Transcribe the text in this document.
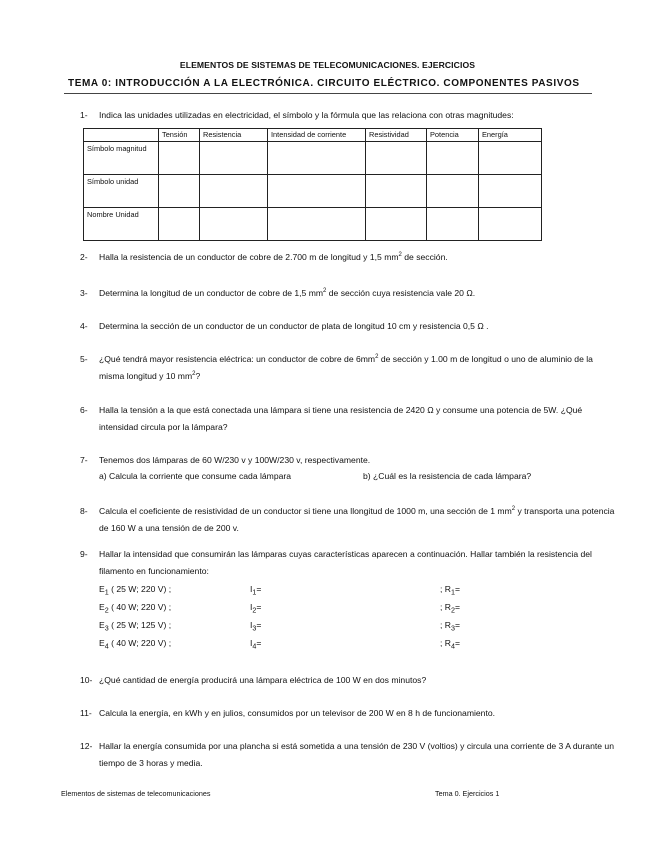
ELEMENTOS DE SISTEMAS DE TELECOMUNICACIONES. EJERCICIOS
TEMA 0: INTRODUCCIÓN A LA ELECTRÓNICA. CIRCUITO ELÉCTRICO. COMPONENTES PASIVOS
1- Indica las unidades utilizadas en electricidad, el símbolo y la fórmula que las relaciona con otras magnitudes:
	Tensión	Resistencia	Intensidad de corriente	Resistividad	Potencia	Energía
Símbolo magnitud						
Símbolo unidad						
Nombre Unidad						
2- Halla la resistencia de un conductor de cobre de 2.700 m de longitud y 1,5 $mm^2$ de sección.
3- Determina la longitud de un conductor de cobre de 1,5 $mm^2$ de sección cuya resistencia vale 20 Ω.
4- Determina la sección de un conductor de un conductor de plata de longitud 10 cm y resistencia 0,5 Ω .
5- ¿Qué tendrá mayor resistencia eléctrica: un conductor de cobre de $6mm^2$ de sección y 1.00 m de longitud o uno de aluminio de la misma longitud y 10 $mm^2$?
6- Halla la tensión a la que está conectada una lámpara si tiene una resistencia de 2420 Ω y consume una potencia de 5W. ¿Qué intensidad circula por la lámpara?
7- Tenemos dos lámparas de 60 W/230 v y 100W/230 v, respectivamente.
a) Calcula la corriente que consume cada lámpara	b) ¿Cuál es la resistencia de cada lámpara?
8- Calcula el coeficiente de resistividad de un conductor si tiene una llongitud de 1000 m, una sección de 1 $mm^2$ y transporta una potencia de 160 W a una tensión de de 200 v.
9- Hallar la intensidad que consumirán las lámparas cuyas características aparecen a continuación. Hallar también la resistencia del filamento en funcionamiento:
$E_1$ ( 25 W; 220 V) ;	$I_1=$	; $R_1=$
$E_2$ ( 40 W; 220 V) ;	$I_2=$	; $R_2=$
$E_3$ ( 25 W; 125 V) ;	$I_3=$	; $R_3=$
$E_4$ ( 40 W; 220 V) ;	$I_4=$	; $R_4=$
10- ¿Qué cantidad de energía producirá una lámpara eléctrica de 100 W en dos minutos?
11- Calcula la energía, en kWh y en julios, consumidos por un televisor de 200 W en 8 h de funcionamiento.
12- Hallar la energía consumida por una plancha si está sometida a una tensión de 230 V (voltios) y circula una corriente de 3 A durante un tiempo de 3 horas y media.
Elementos de sistemas de telecomunicaciones	Tema 0. Ejercicios 1
